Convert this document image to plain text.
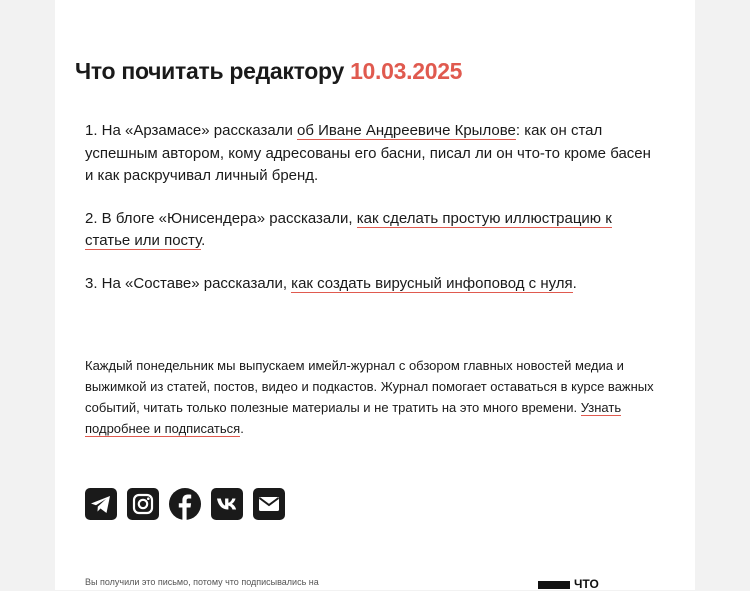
Что почитать редактору 10.03.2025

1. На «Арзамасе» рассказали об Иване Андреевиче Крылове: как он стал успешным автором, кому адресованы его басни, писал ли он что-то кроме басен и как раскручивал личный бренд.

2. В блоге «Юнисендера» рассказали, как сделать простую иллюстрацию к статье или посту.

3. На «Составе» рассказали, как создать вирусный инфоповод с нуля.

Каждый понедельник мы выпускаем имейл-журнал с обзором главных новостей медиа и выжимкой из статей, постов, видео и подкастов. Журнал помогает оставаться в курсе важных событий, читать только полезные материалы и не тратить на это много времени. Узнать подробнее и подписаться.
Вы получили это письмо, потому что подписывались на	ЧТО
